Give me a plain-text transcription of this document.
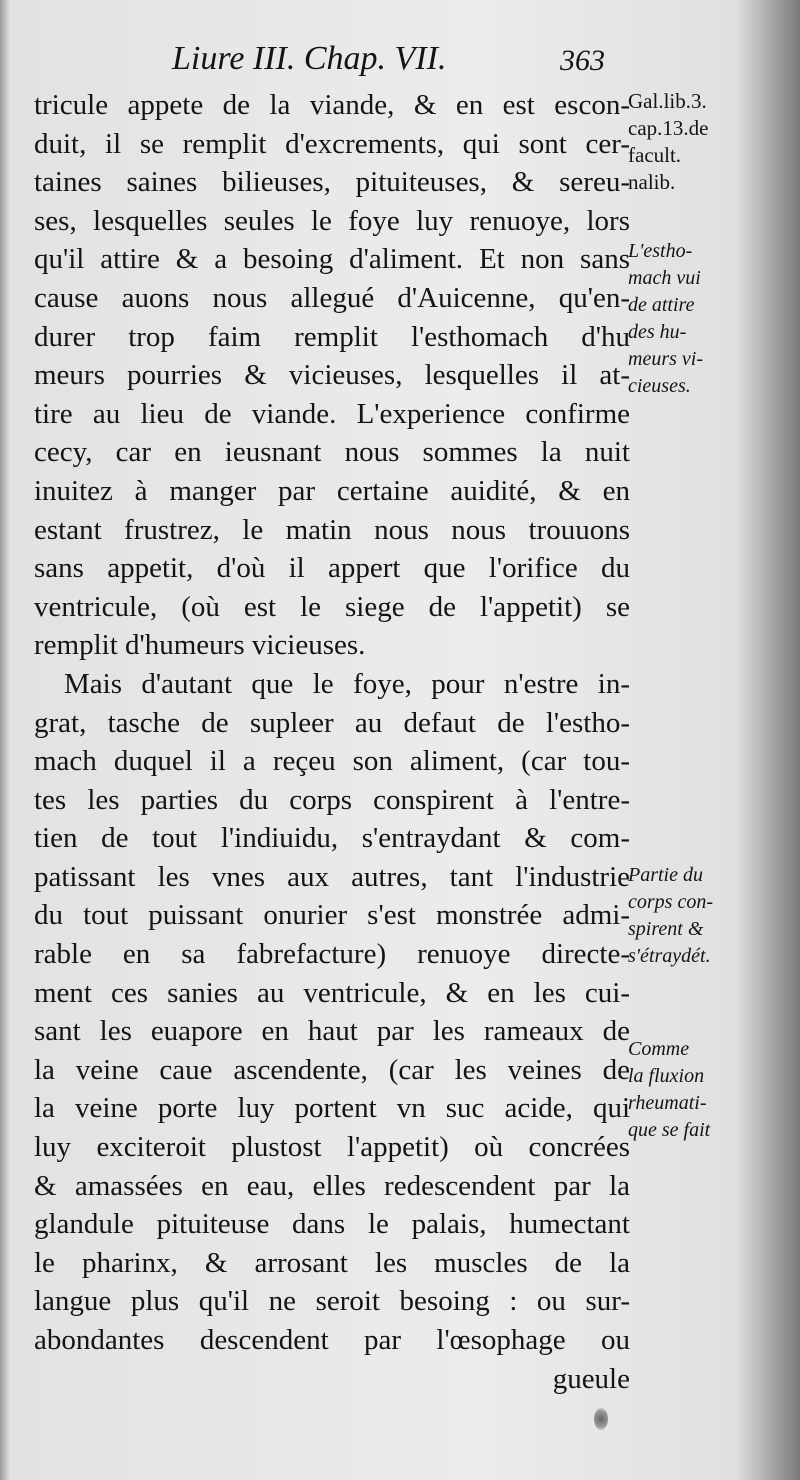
Liure III. Chap. VII.	363
tricule appete de la viande, & en est escon-
duit, il se remplit d'excrements, qui sont cer-
taines saines bilieuses, pituiteuses, & sereu-
ses, lesquelles seules le foye luy renuoye, lors
qu'il attire & a besoing d'aliment. Et non sans
cause auons nous allegué d'Auicenne, qu'en-
durer trop faim remplit l'esthomach d'hu
meurs pourries & vicieuses, lesquelles il at-
tire au lieu de viande. L'experience confirme
cecy, car en ieusnant nous sommes la nuit
inuitez à manger par certaine auidité, & en
estant frustrez, le matin nous nous trouuons
sans appetit, d'où il appert que l'orifice du
ventricule, (où est le siege de l'appetit) se
remplit d'humeurs vicieuses.
Mais d'autant que le foye, pour n'estre in-
grat, tasche de supleer au defaut de l'estho-
mach duquel il a reçeu son aliment, (car tou-
tes les parties du corps conspirent à l'entre-
tien de tout l'indiuidu, s'entraydant & com-
patissant les vnes aux autres, tant l'industrie
du tout puissant onurier s'est monstrée admi-
rable en sa fabrefacture) renuoye directe-
ment ces sanies au ventricule, & en les cui-
sant les euapore en haut par les rameaux de
la veine caue ascendente, (car les veines de
la veine porte luy portent vn suc acide, qui
luy exciteroit plustost l'appetit) où concrées
& amassées en eau, elles redescendent par la
glandule pituiteuse dans le palais, humectant
le pharinx, & arrosant les muscles de la
langue plus qu'il ne seroit besoing : ou sur-
abondantes descendent par l'œsophage ou
gueule
Gal.lib.3.
cap.13.de
facult.
nalib.
L'estho-
mach vui
de attire
des hu-
meurs vi-
cieuses.
Partie du
corps con-
spirent &
s'étraydét.
Comme
la fluxion
rheumati-
que se fait
